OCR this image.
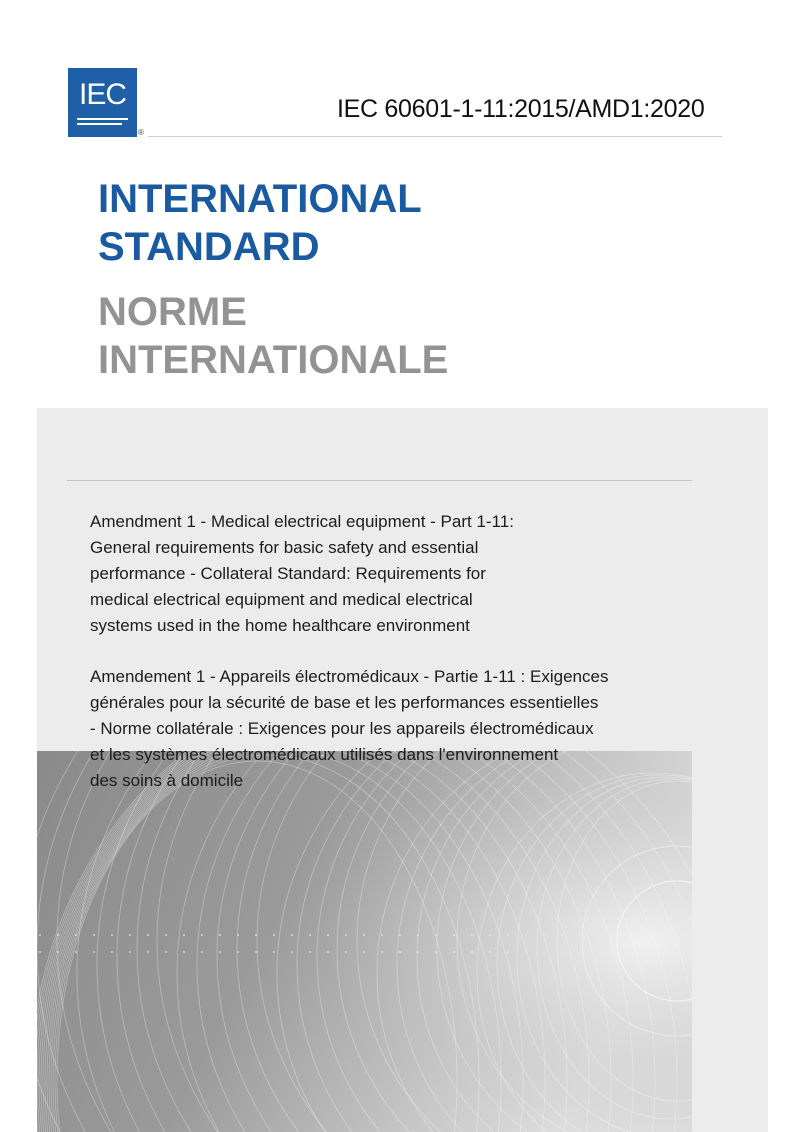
IEC
®
IEC 60601-1-11:2015/AMD1:2020
INTERNATIONAL
STANDARD
NORME
INTERNATIONALE

Amendment 1 - Medical electrical equipment - Part 1-11:
General requirements for basic safety and essential
performance - Collateral Standard: Requirements for
medical electrical equipment and medical electrical
systems used in the home healthcare environment

Amendement 1 - Appareils électromédicaux - Partie 1-11 : Exigences
générales pour la sécurité de base et les performances essentielles
- Norme collatérale : Exigences pour les appareils électromédicaux
et les systèmes électromédicaux utilisés dans l'environnement
des soins à domicile
